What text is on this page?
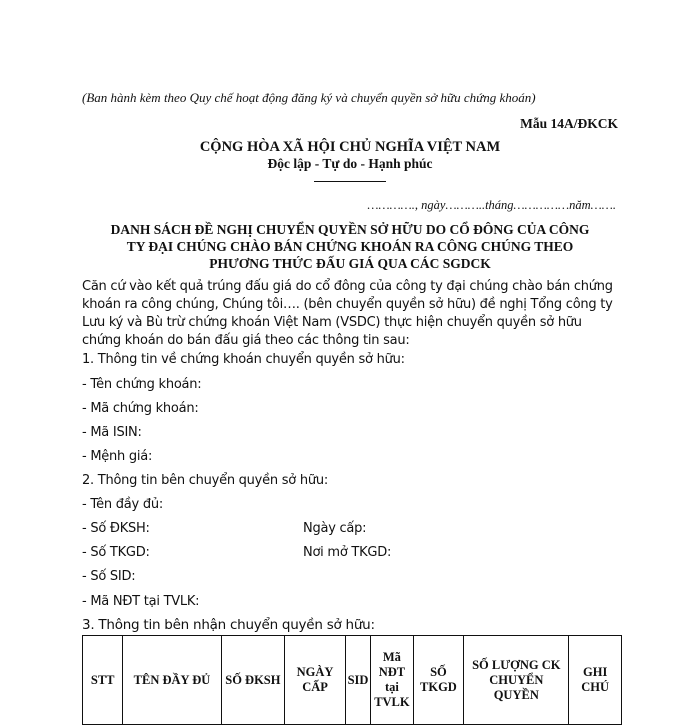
(Ban hành kèm theo Quy chế hoạt động đăng ký và chuyển quyền sở hữu chứng khoán)
Mẫu 14A/ĐKCK
CỘNG HÒA XÃ HỘI CHỦ NGHĨA VIỆT NAM
Độc lập - Tự do - Hạnh phúc
…………., ngày………..tháng……………năm…….
DANH SÁCH ĐỀ NGHỊ CHUYỂN QUYỀN SỞ HỮU DO CỔ ĐÔNG CỦA CÔNG
TY ĐẠI CHÚNG CHÀO BÁN CHỨNG KHOÁN RA CÔNG CHÚNG THEO
PHƯƠNG THỨC ĐẤU GIÁ QUA CÁC SGDCK
Căn cứ vào kết quả trúng đấu giá do cổ đông của công ty đại chúng chào bán chứng khoán ra công chúng, Chúng tôi…. (bên chuyển quyền sở hữu) đề nghị Tổng công ty Lưu ký và Bù trừ chứng khoán Việt Nam (VSDC) thực hiện chuyển quyền sở hữu chứng khoán do bán đấu giá theo các thông tin sau:
1. Thông tin về chứng khoán chuyển quyền sở hữu:
- Tên chứng khoán:
- Mã chứng khoán:
- Mã ISIN:
- Mệnh giá:
2. Thông tin bên chuyển quyền sở hữu:
- Tên đầy đủ:
- Số ĐKSH:	Ngày cấp:
- Số TKGD:	Nơi mở TKGD:
- Số SID:
- Mã NĐT tại TVLK:
3. Thông tin bên nhận chuyển quyền sở hữu:
STT	TÊN ĐẦY ĐỦ	SỐ ĐKSH	NGÀY CẤP	SID	Mã NĐT tại TVLK	SỐ TKGD	SỐ LƯỢNG CK CHUYỂN QUYỀN	GHI CHÚ
